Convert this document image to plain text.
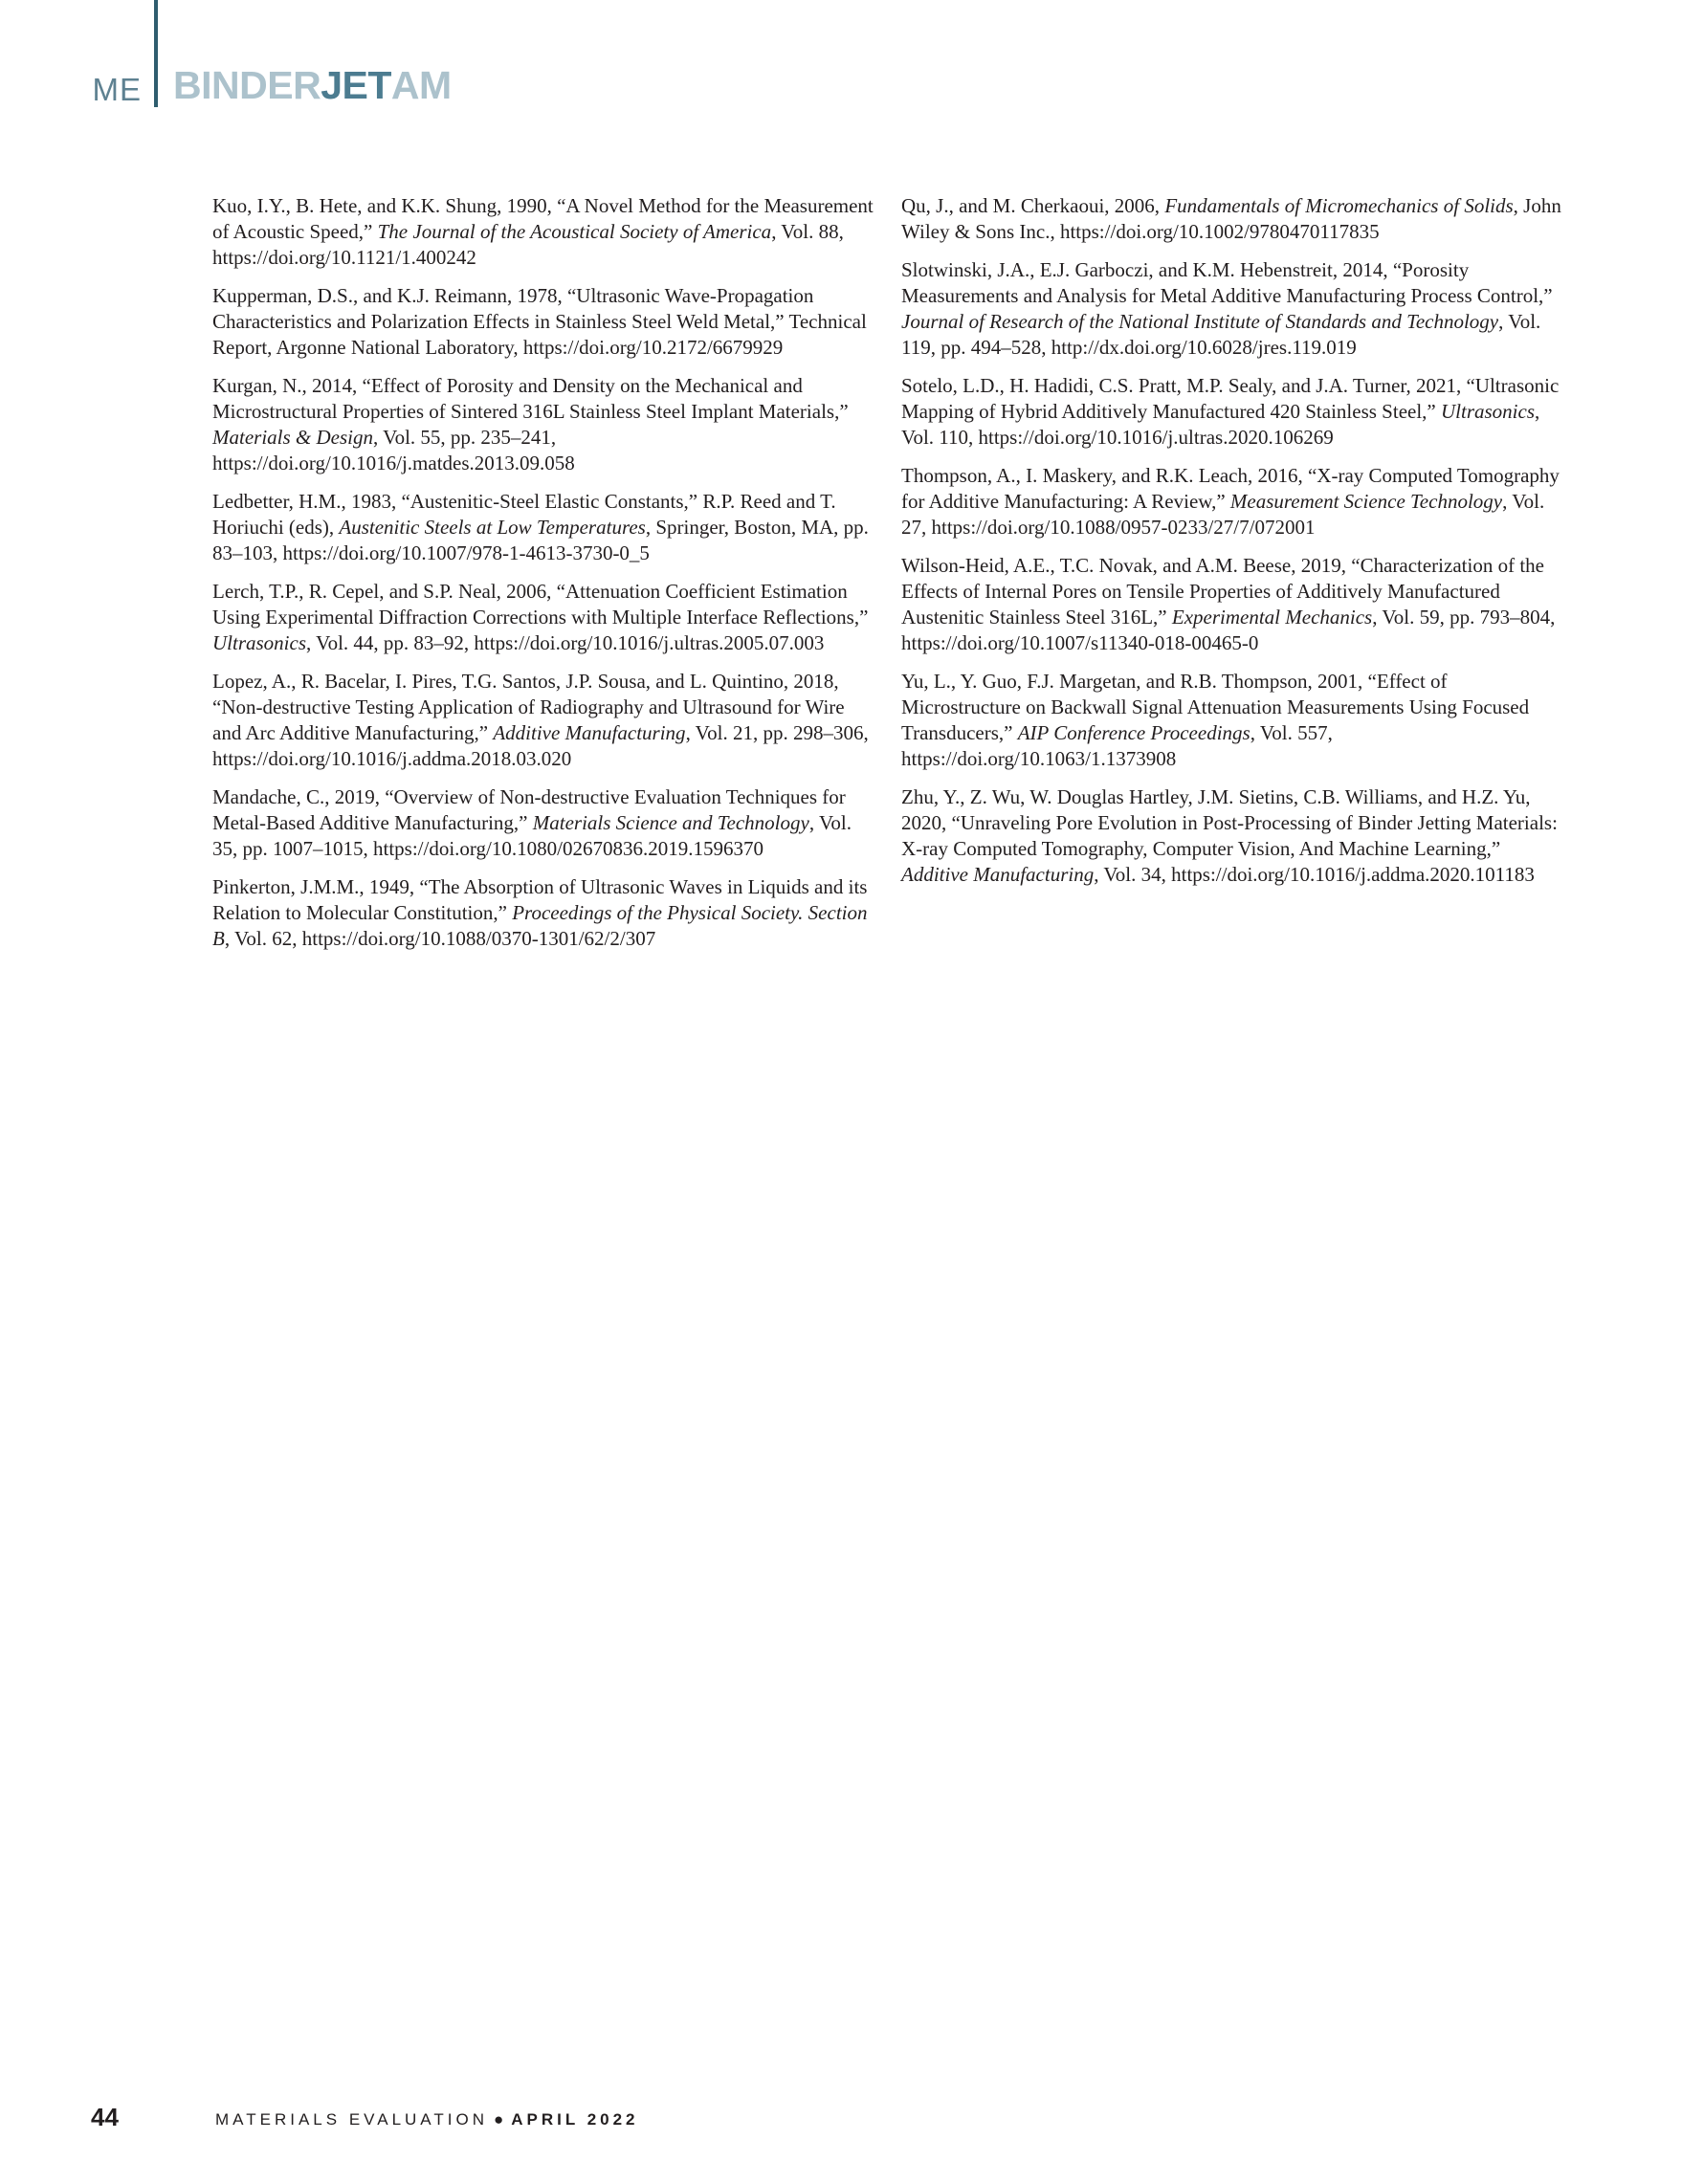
ME BINDER JET AM

Kuo, I.Y., B. Hete, and K.K. Shung, 1990, “A Novel Method for the Measurement of Acoustic Speed,” The Journal of the Acoustical Society of America, Vol. 88, https://doi.org/10.1121/1.400242

Kupperman, D.S., and K.J. Reimann, 1978, “Ultrasonic Wave-Propagation Characteristics and Polarization Effects in Stainless Steel Weld Metal,” Technical Report, Argonne National Laboratory, https://doi.org/10.2172/6679929

Kurgan, N., 2014, “Effect of Porosity and Density on the Mechanical and Microstructural Properties of Sintered 316L Stainless Steel Implant Materials,” Materials & Design, Vol. 55, pp. 235–241, https://doi.org/10.1016/j.matdes.2013.09.058

Ledbetter, H.M., 1983, “Austenitic-Steel Elastic Constants,” R.P. Reed and T. Horiuchi (eds), Austenitic Steels at Low Temperatures, Springer, Boston, MA, pp. 83–103, https://doi.org/10.1007/978-1-4613-3730-0_5

Lerch, T.P., R. Cepel, and S.P. Neal, 2006, “Attenuation Coefficient Estimation Using Experimental Diffraction Corrections with Multiple Interface Reflections,” Ultrasonics, Vol. 44, pp. 83–92, https://doi.org/10.1016/j.ultras.2005.07.003

Lopez, A., R. Bacelar, I. Pires, T.G. Santos, J.P. Sousa, and L. Quintino, 2018, “Non-destructive Testing Application of Radiography and Ultrasound for Wire and Arc Additive Manufacturing,” Additive Manufacturing, Vol. 21, pp. 298–306, https://doi.org/10.1016/j.addma.2018.03.020

Mandache, C., 2019, “Overview of Non-destructive Evaluation Techniques for Metal-Based Additive Manufacturing,” Materials Science and Technology, Vol. 35, pp. 1007–1015, https://doi.org/10.1080/02670836.2019.1596370

Pinkerton, J.M.M., 1949, “The Absorption of Ultrasonic Waves in Liquids and its Relation to Molecular Constitution,” Proceedings of the Physical Society. Section B, Vol. 62, https://doi.org/10.1088/0370-1301/62/2/307

Qu, J., and M. Cherkaoui, 2006, Fundamentals of Micromechanics of Solids, John Wiley & Sons Inc., https://doi.org/10.1002/9780470117835

Slotwinski, J.A., E.J. Garboczi, and K.M. Hebenstreit, 2014, “Porosity Measurements and Analysis for Metal Additive Manufacturing Process Control,” Journal of Research of the National Institute of Standards and Technology, Vol. 119, pp. 494–528, http://dx.doi.org/10.6028/jres.119.019

Sotelo, L.D., H. Hadidi, C.S. Pratt, M.P. Sealy, and J.A. Turner, 2021, “Ultrasonic Mapping of Hybrid Additively Manufactured 420 Stainless Steel,” Ultrasonics, Vol. 110, https://doi.org/10.1016/j.ultras.2020.106269

Thompson, A., I. Maskery, and R.K. Leach, 2016, “X-ray Computed Tomography for Additive Manufacturing: A Review,” Measurement Science Technology, Vol. 27, https://doi.org/10.1088/0957-0233/27/7/072001

Wilson-Heid, A.E., T.C. Novak, and A.M. Beese, 2019, “Characterization of the Effects of Internal Pores on Tensile Properties of Additively Manufactured Austenitic Stainless Steel 316L,” Experimental Mechanics, Vol. 59, pp. 793–804, https://doi.org/10.1007/s11340-018-00465-0

Yu, L., Y. Guo, F.J. Margetan, and R.B. Thompson, 2001, “Effect of Microstructure on Backwall Signal Attenuation Measurements Using Focused Transducers,” AIP Conference Proceedings, Vol. 557, https://doi.org/10.1063/1.1373908

Zhu, Y., Z. Wu, W. Douglas Hartley, J.M. Sietins, C.B. Williams, and H.Z. Yu, 2020, “Unraveling Pore Evolution in Post-Processing of Binder Jetting Materials: X-ray Computed Tomography, Computer Vision, And Machine Learning,” Additive Manufacturing, Vol. 34, https://doi.org/10.1016/j.addma.2020.101183

44	MATERIALS EVALUATION ● APRIL 2022
